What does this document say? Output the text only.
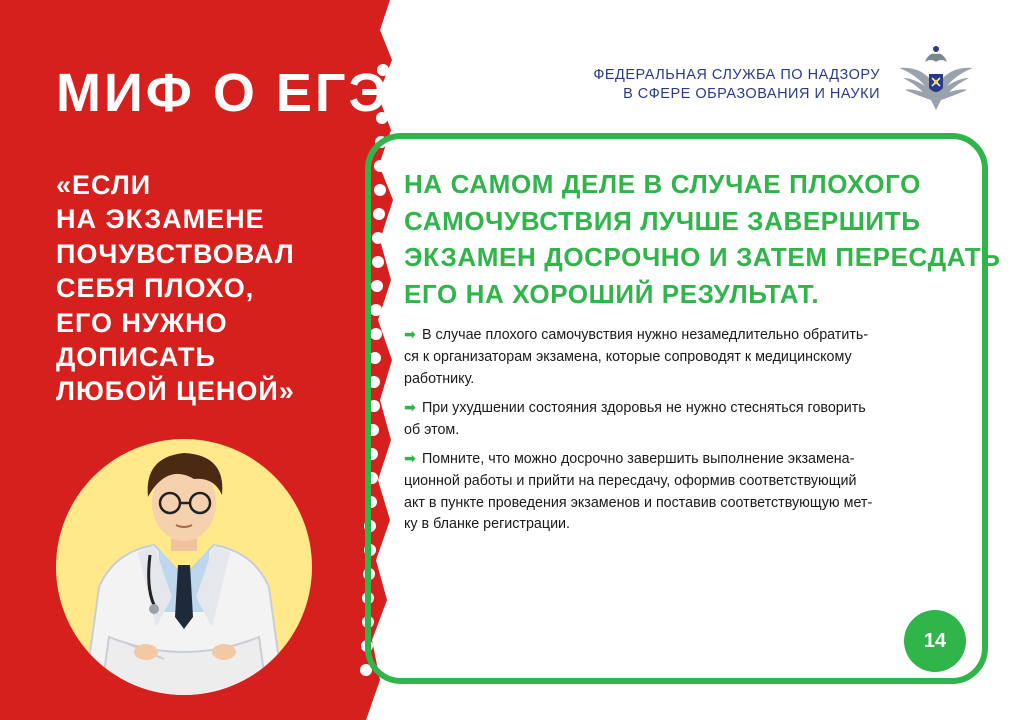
МИФ О ЕГЭ
«ЕСЛИ
НА ЭКЗАМЕНЕ
ПОЧУВСТВОВАЛ
СЕБЯ ПЛОХО,
ЕГО НУЖНО
ДОПИСАТЬ
ЛЮБОЙ ЦЕНОЙ»
ФЕДЕРАЛЬНАЯ СЛУЖБА ПО НАДЗОРУ
В СФЕРЕ ОБРАЗОВАНИЯ И НАУКИ
НА САМОМ ДЕЛЕ В СЛУЧАЕ ПЛОХОГО
САМОЧУВСТВИЯ ЛУЧШЕ ЗАВЕРШИТЬ
ЭКЗАМЕН ДОСРОЧНО И ЗАТЕМ ПЕРЕСДАТЬ
ЕГО НА ХОРОШИЙ РЕЗУЛЬТАТ.
➡ В случае плохого самочувствия нужно незамедлительно обратить-
ся к организаторам экзамена, которые сопроводят к медицинскому
работнику.
➡ При ухудшении состояния здоровья не нужно стесняться говорить
об этом.
➡ Помните, что можно досрочно завершить выполнение экзамена-
ционной работы и прийти на пересдачу, оформив соответствующий
акт в пункте проведения экзаменов и поставив соответствующую мет-
ку в бланке регистрации.
14
